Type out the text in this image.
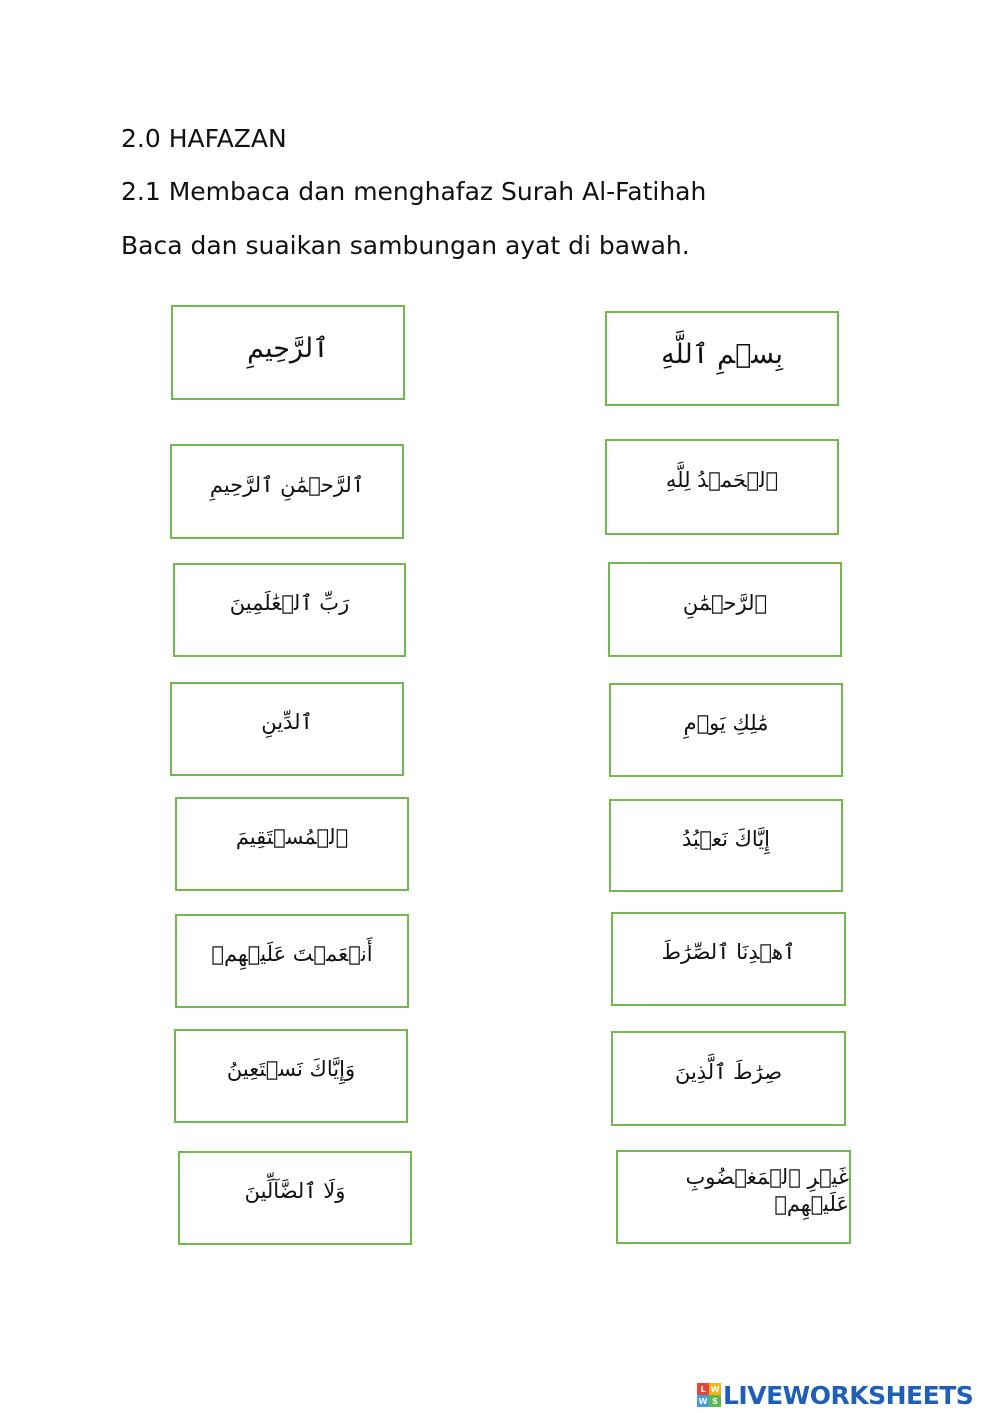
2.0 HAFAZAN
2.1 Membaca dan menghafaz Surah Al-Fatihah

Baca dan suaikan sambungan ayat di bawah.

ٱلرَّحِيمِ
ٱلرَّحۡمَٰنِ ٱلرَّحِيمِ
رَبِّ ٱلۡعَٰلَمِينَ
ٱلدِّينِ
ٱلۡمُسۡتَقِيمَ
أَنۡعَمۡتَ عَلَيۡهِمۡ
وَإِيَّاكَ نَسۡتَعِينُ
وَلَا ٱلضَّآلِّينَ
بِسۡمِ ٱللَّهِ
ٱلۡحَمۡدُ لِلَّهِ
ٱلرَّحۡمَٰنِ
مَٰلِكِ يَوۡمِ
إِيَّاكَ نَعۡبُدُ
ٱهۡدِنَا ٱلصِّرَٰطَ
صِرَٰطَ ٱلَّذِينَ
غَيۡرِ ٱلۡمَغۡضُوبِ عَلَيۡهِمۡ
L W
W S LIVEWORKSHEETS
